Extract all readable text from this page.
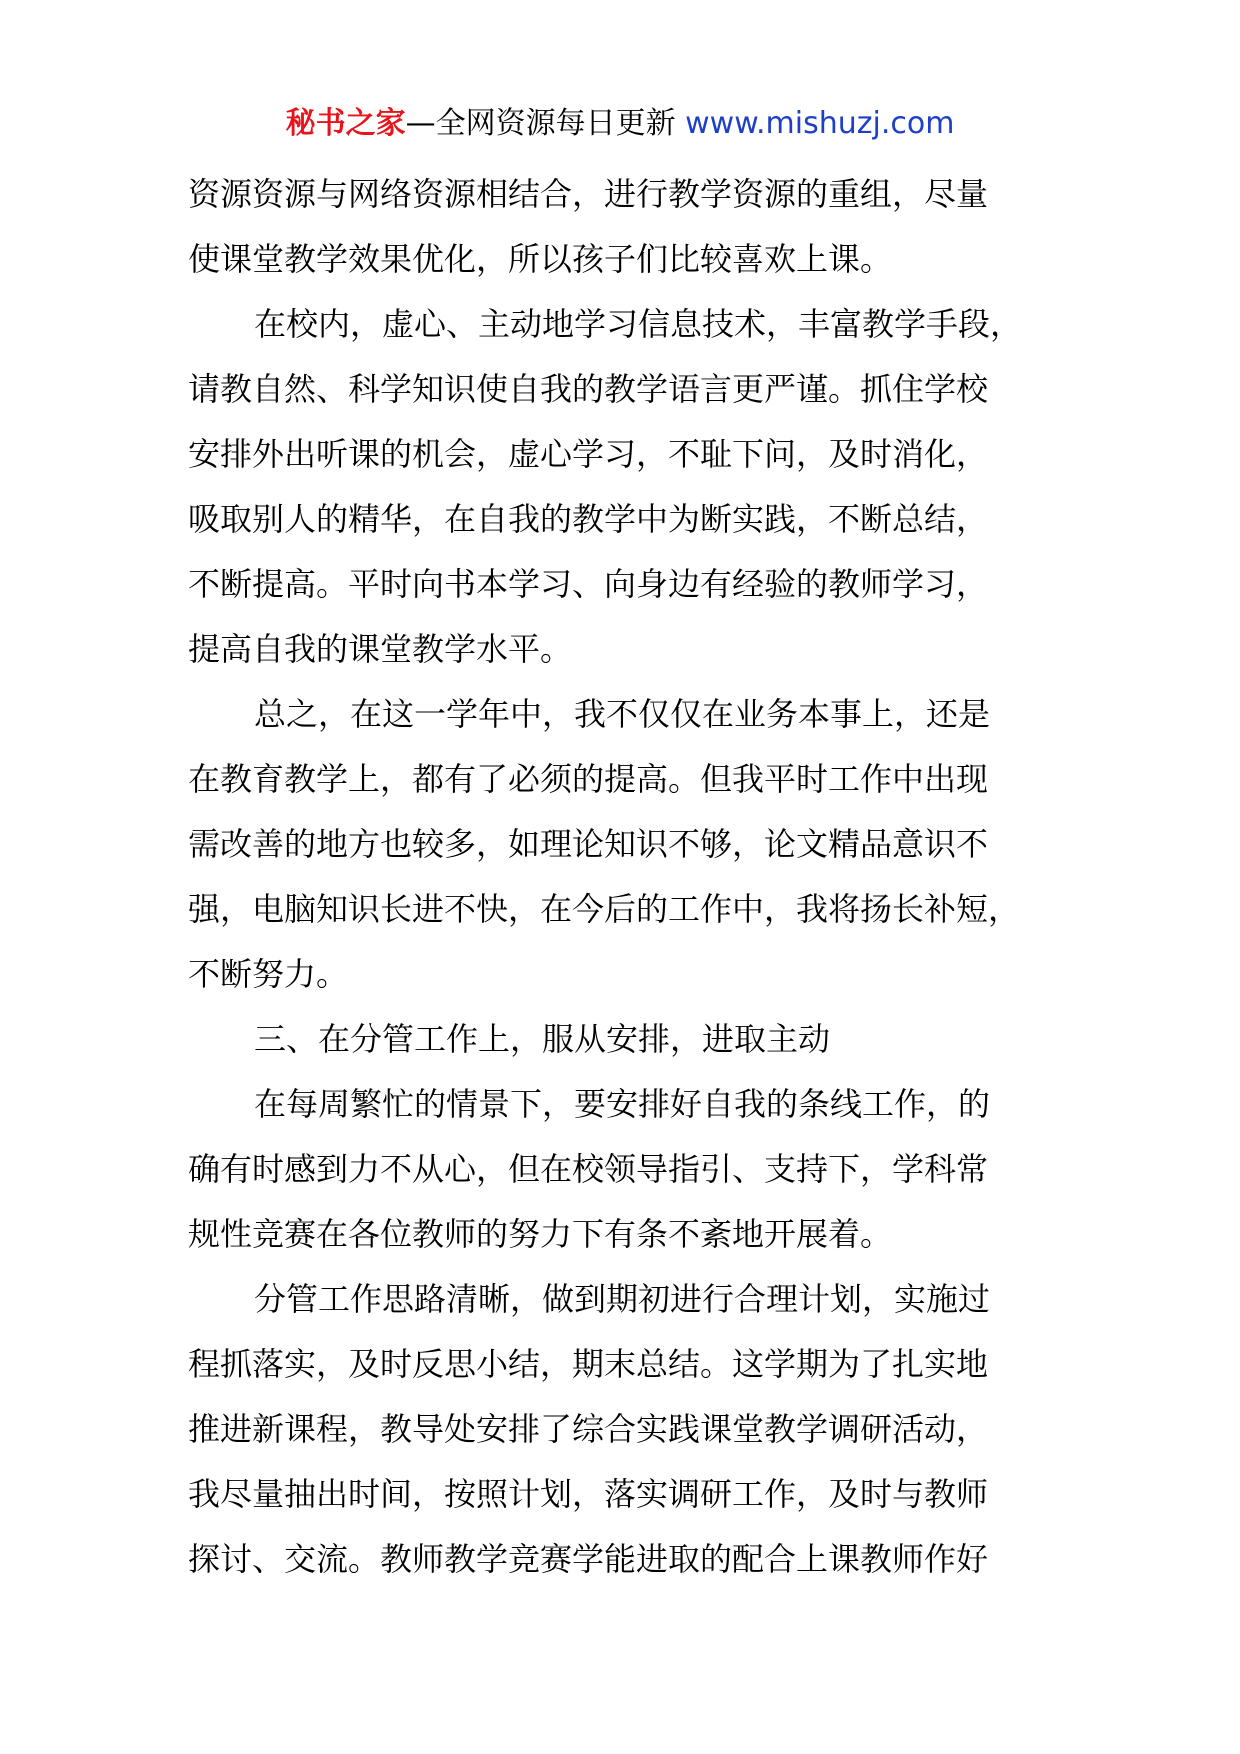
秘书之家—全网资源每日更新 www.mishuzj.com
资源资源与网络资源相结合，进行教学资源的重组，尽量
使课堂教学效果优化，所以孩子们比较喜欢上课。
在校内，虚心、主动地学习信息技术，丰富教学手段，
请教自然、科学知识使自我的教学语言更严谨。抓住学校
安排外出听课的机会，虚心学习，不耻下问，及时消化，
吸取别人的精华，在自我的教学中为断实践，不断总结，
不断提高。平时向书本学习、向身边有经验的教师学习，
提高自我的课堂教学水平。
总之，在这一学年中，我不仅仅在业务本事上，还是
在教育教学上，都有了必须的提高。但我平时工作中出现
需改善的地方也较多，如理论知识不够，论文精品意识不
强，电脑知识长进不快，在今后的工作中，我将扬长补短，
不断努力。
三、在分管工作上，服从安排，进取主动
在每周繁忙的情景下，要安排好自我的条线工作，的
确有时感到力不从心，但在校领导指引、支持下，学科常
规性竞赛在各位教师的努力下有条不紊地开展着。
分管工作思路清晰，做到期初进行合理计划，实施过
程抓落实，及时反思小结，期末总结。这学期为了扎实地
推进新课程，教导处安排了综合实践课堂教学调研活动，
我尽量抽出时间，按照计划，落实调研工作，及时与教师
探讨、交流。教师教学竞赛学能进取的配合上课教师作好
